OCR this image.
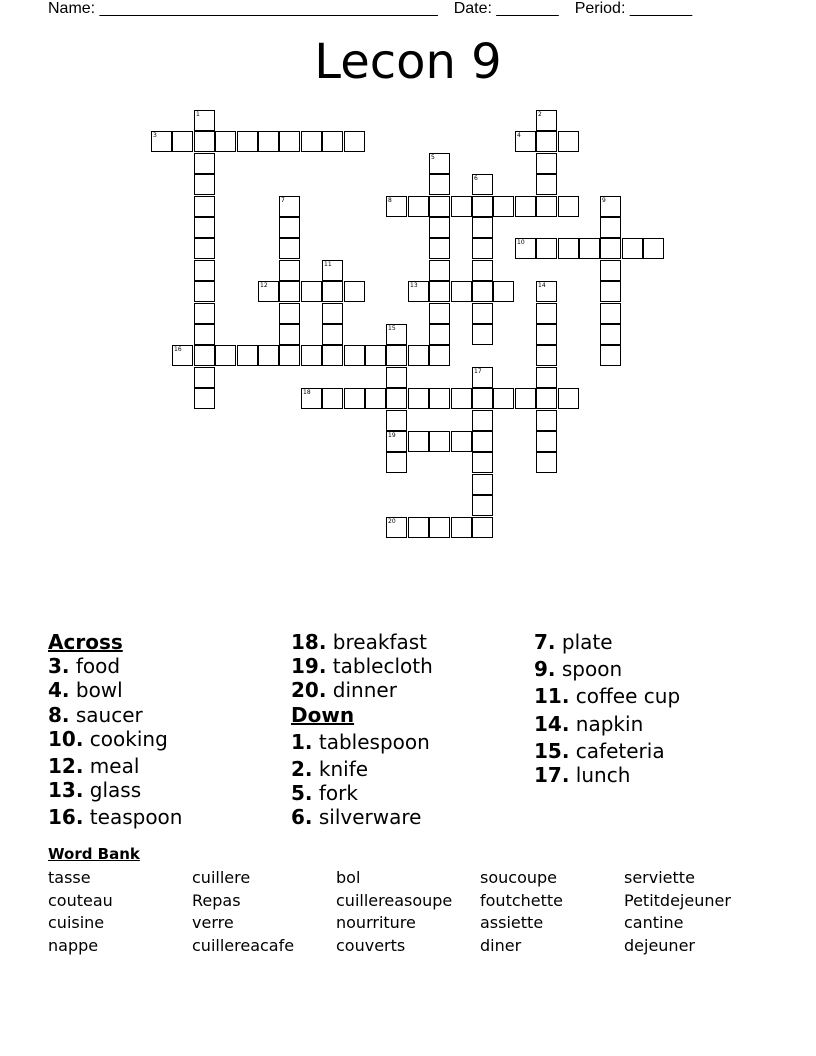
Name: ______________________________________ Date: _______ Period: _______
Lecon 9
1	2
3	4
5
6
7	8	9
10
11
12	13	14
15
19
16
17
18
20
Across
3. food
4. bowl
8. saucer
10. cooking
12. meal
13. glass
16. teaspoon
18. breakfast
19. tablecloth
20. dinner
Down
1. tablespoon
2. knife
5. fork
6. silverware
7. plate
9. spoon
11. coffee cup
14. napkin
15. cafeteria
17. lunch
Word Bank
tasse
couteau
cuisine
nappe
cuillere
Repas
verre
cuillereacafe
bol
cuillereasoupe
nourriture
couverts
soucoupe
foutchette
assiette
diner
serviette
Petitdejeuner
cantine
dejeuner
